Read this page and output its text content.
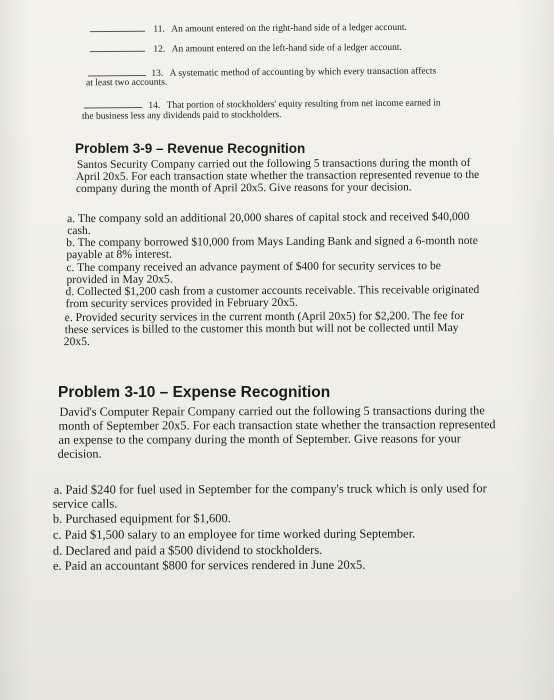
11. An amount entered on the right-hand side of a ledger account.
12. An amount entered on the left-hand side of a ledger account.
13. A systematic method of accounting by which every transaction affects
at least two accounts.
14. That portion of stockholders' equity resulting from net income earned in
the business less any dividends paid to stockholders.
Problem 3-9 – Revenue Recognition
Santos Security Company carried out the following 5 transactions during the month of
April 20x5. For each transaction state whether the transaction represented revenue to the
company during the month of April 20x5. Give reasons for your decision.
a. The company sold an additional 20,000 shares of capital stock and received $40,000
cash.
b. The company borrowed $10,000 from Mays Landing Bank and signed a 6-month note
payable at 8% interest.
c. The company received an advance payment of $400 for security services to be
provided in May 20x5.
d. Collected $1,200 cash from a customer accounts receivable. This receivable originated
from security services provided in February 20x5.
e. Provided security services in the current month (April 20x5) for $2,200. The fee for
these services is billed to the customer this month but will not be collected until May
20x5.
Problem 3-10 – Expense Recognition
David's Computer Repair Company carried out the following 5 transactions during the
month of September 20x5. For each transaction state whether the transaction represented
an expense to the company during the month of September. Give reasons for your
decision.
a. Paid $240 for fuel used in September for the company's truck which is only used for
service calls.
b. Purchased equipment for $1,600.
c. Paid $1,500 salary to an employee for time worked during September.
d. Declared and paid a $500 dividend to stockholders.
e. Paid an accountant $800 for services rendered in June 20x5.
